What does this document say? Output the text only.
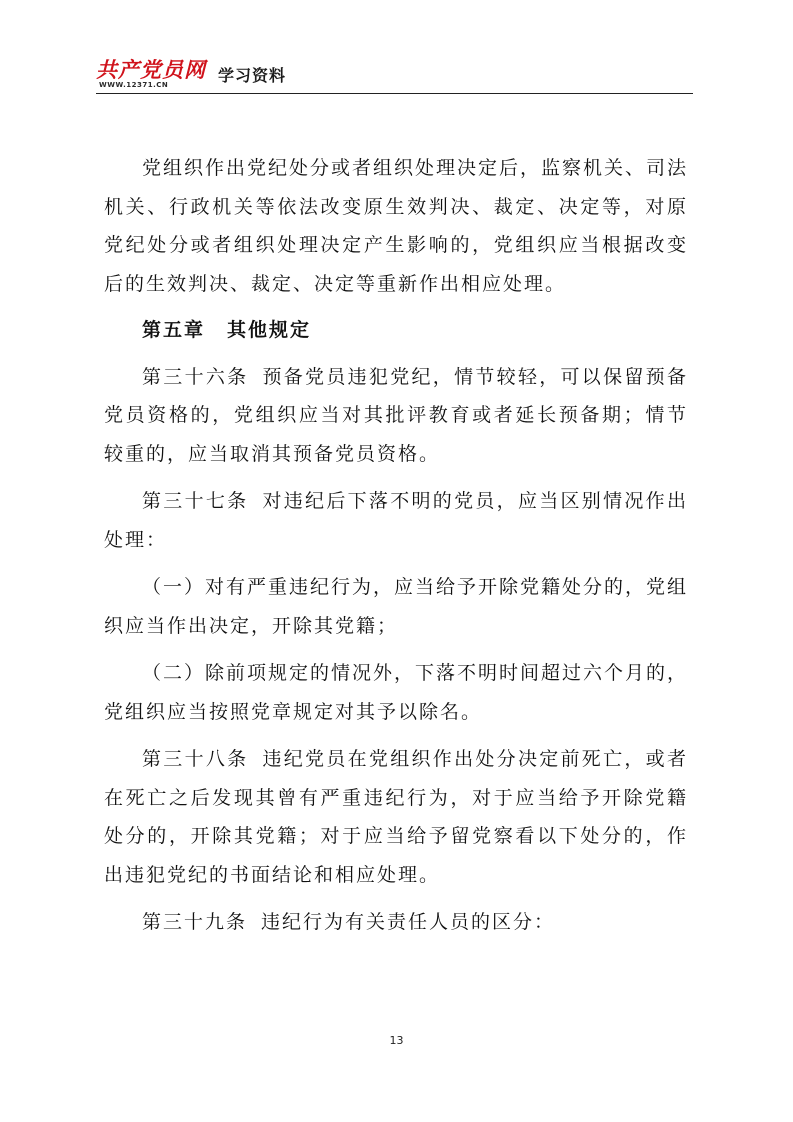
共产党员网
WWW.12371.CN	学习资料

党组织作出党纪处分或者组织处理决定后，监察机关、司法机关、行政机关等依法改变原生效判决、裁定、决定等，对原党纪处分或者组织处理决定产生影响的，党组织应当根据改变后的生效判决、裁定、决定等重新作出相应处理。

第五章 其他规定

第三十六条 预备党员违犯党纪，情节较轻，可以保留预备党员资格的，党组织应当对其批评教育或者延长预备期；情节较重的，应当取消其预备党员资格。

第三十七条 对违纪后下落不明的党员，应当区别情况作出处理：

（一）对有严重违纪行为，应当给予开除党籍处分的，党组织应当作出决定，开除其党籍；

（二）除前项规定的情况外，下落不明时间超过六个月的，党组织应当按照党章规定对其予以除名。

第三十八条 违纪党员在党组织作出处分决定前死亡，或者在死亡之后发现其曾有严重违纪行为，对于应当给予开除党籍处分的，开除其党籍；对于应当给予留党察看以下处分的，作出违犯党纪的书面结论和相应处理。

第三十九条 违纪行为有关责任人员的区分：

13
